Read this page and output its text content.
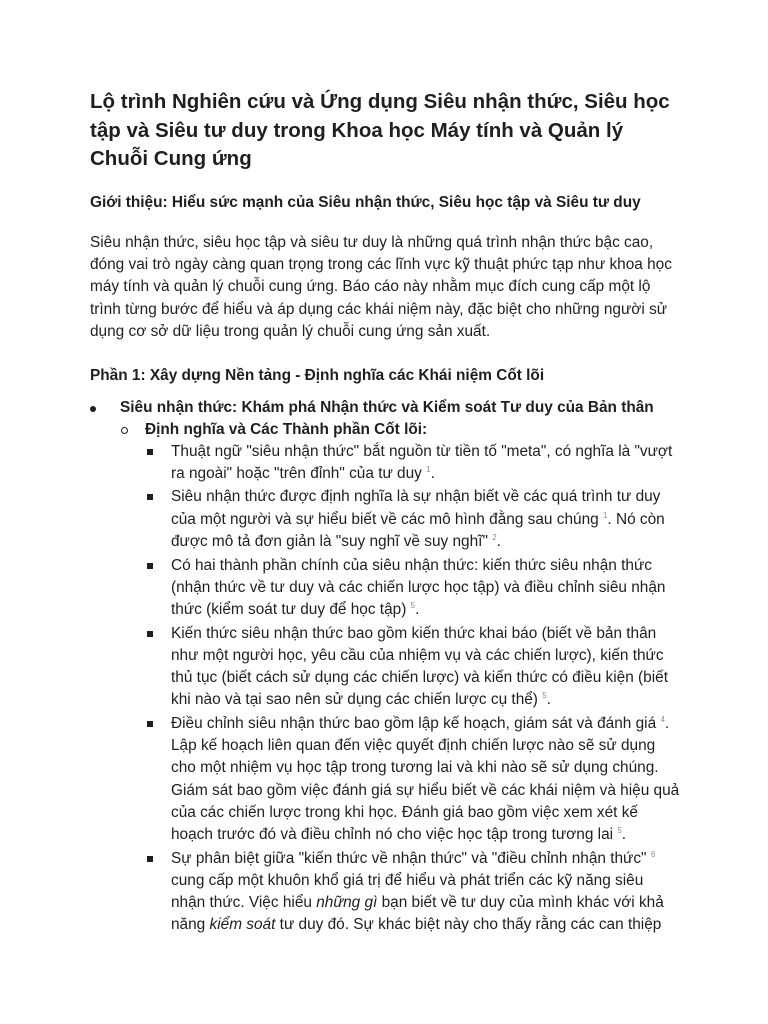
Lộ trình Nghiên cứu và Ứng dụng Siêu nhận thức, Siêu học tập và Siêu tư duy trong Khoa học Máy tính và Quản lý Chuỗi Cung ứng
Giới thiệu: Hiểu sức mạnh của Siêu nhận thức, Siêu học tập và Siêu tư duy

Siêu nhận thức, siêu học tập và siêu tư duy là những quá trình nhận thức bậc cao, đóng vai trò ngày càng quan trọng trong các lĩnh vực kỹ thuật phức tạp như khoa học máy tính và quản lý chuỗi cung ứng. Báo cáo này nhằm mục đích cung cấp một lộ trình từng bước để hiểu và áp dụng các khái niệm này, đặc biệt cho những người sử dụng cơ sở dữ liệu trong quản lý chuỗi cung ứng sản xuất.

Phần 1: Xây dựng Nền tảng - Định nghĩa các Khái niệm Cốt lõi
Siêu nhận thức: Khám phá Nhận thức và Kiểm soát Tư duy của Bản thân
Định nghĩa và Các Thành phần Cốt lõi:
Thuật ngữ "siêu nhận thức" bắt nguồn từ tiền tố "meta", có nghĩa là "vượt ra ngoài" hoặc "trên đỉnh" của tư duy $^1$.
Siêu nhận thức được định nghĩa là sự nhận biết về các quá trình tư duy của một người và sự hiểu biết về các mô hình đằng sau chúng $^1$. Nó còn được mô tả đơn giản là "suy nghĩ về suy nghĩ" $^2$.
Có hai thành phần chính của siêu nhận thức: kiến thức siêu nhận thức (nhận thức về tư duy và các chiến lược học tập) và điều chỉnh siêu nhận thức (kiểm soát tư duy để học tập) $^5$.
Kiến thức siêu nhận thức bao gồm kiến thức khai báo (biết về bản thân như một người học, yêu cầu của nhiệm vụ và các chiến lược), kiến thức thủ tục (biết cách sử dụng các chiến lược) và kiến thức có điều kiện (biết khi nào và tại sao nên sử dụng các chiến lược cụ thể) $^5$.
Điều chỉnh siêu nhận thức bao gồm lập kế hoạch, giám sát và đánh giá $^4$. Lập kế hoạch liên quan đến việc quyết định chiến lược nào sẽ sử dụng cho một nhiệm vụ học tập trong tương lai và khi nào sẽ sử dụng chúng. Giám sát bao gồm việc đánh giá sự hiểu biết về các khái niệm và hiệu quả của các chiến lược trong khi học. Đánh giá bao gồm việc xem xét kế hoạch trước đó và điều chỉnh nó cho việc học tập trong tương lai $^5$.
Sự phân biệt giữa "kiến thức về nhận thức" và "điều chỉnh nhận thức" $^6$ cung cấp một khuôn khổ giá trị để hiểu và phát triển các kỹ năng siêu nhận thức. Việc hiểu những gì bạn biết về tư duy của mình khác với khả năng kiểm soát tư duy đó. Sự khác biệt này cho thấy rằng các can thiệp
